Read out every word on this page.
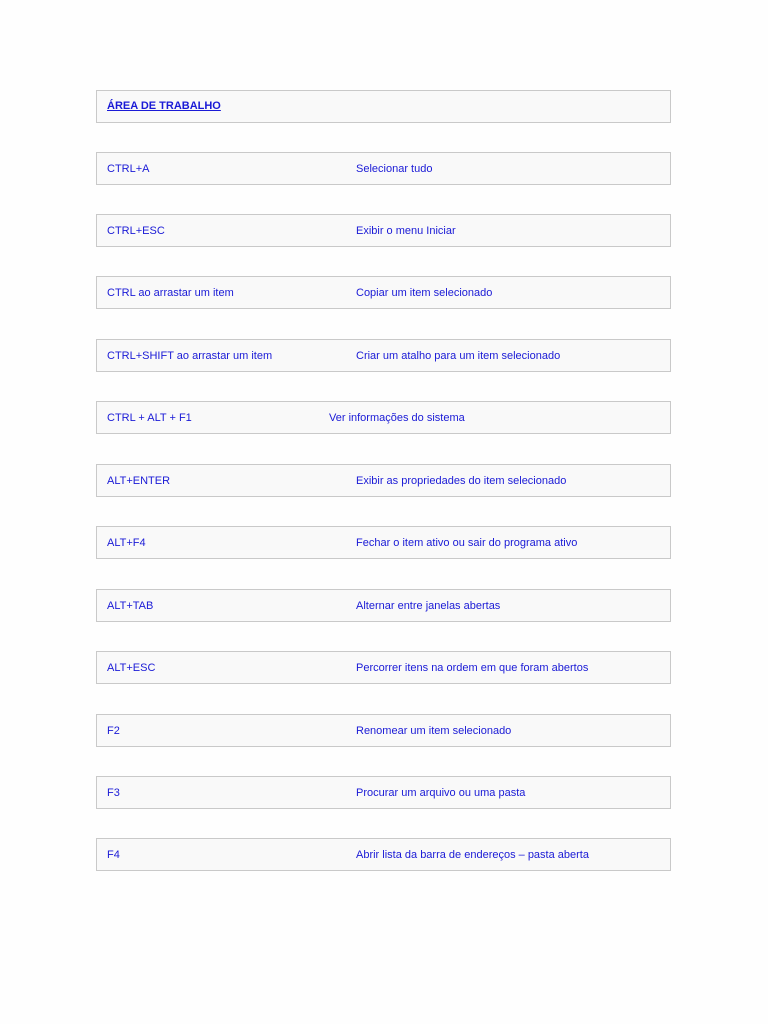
ÁREA DE TRABALHO
CTRL+A	Selecionar tudo
CTRL+ESC	Exibir o menu Iniciar
CTRL ao arrastar um item	Copiar um item selecionado
CTRL+SHIFT ao arrastar um item	Criar um atalho para um item selecionado
CTRL + ALT + F1	Ver informações do sistema
ALT+ENTER	Exibir as propriedades do item selecionado
ALT+F4	Fechar o item ativo ou sair do programa ativo
ALT+TAB	Alternar entre janelas abertas
ALT+ESC	Percorrer itens na ordem em que foram abertos
F2	Renomear um item selecionado
F3	Procurar um arquivo ou uma pasta
F4	Abrir lista da barra de endereços – pasta aberta
